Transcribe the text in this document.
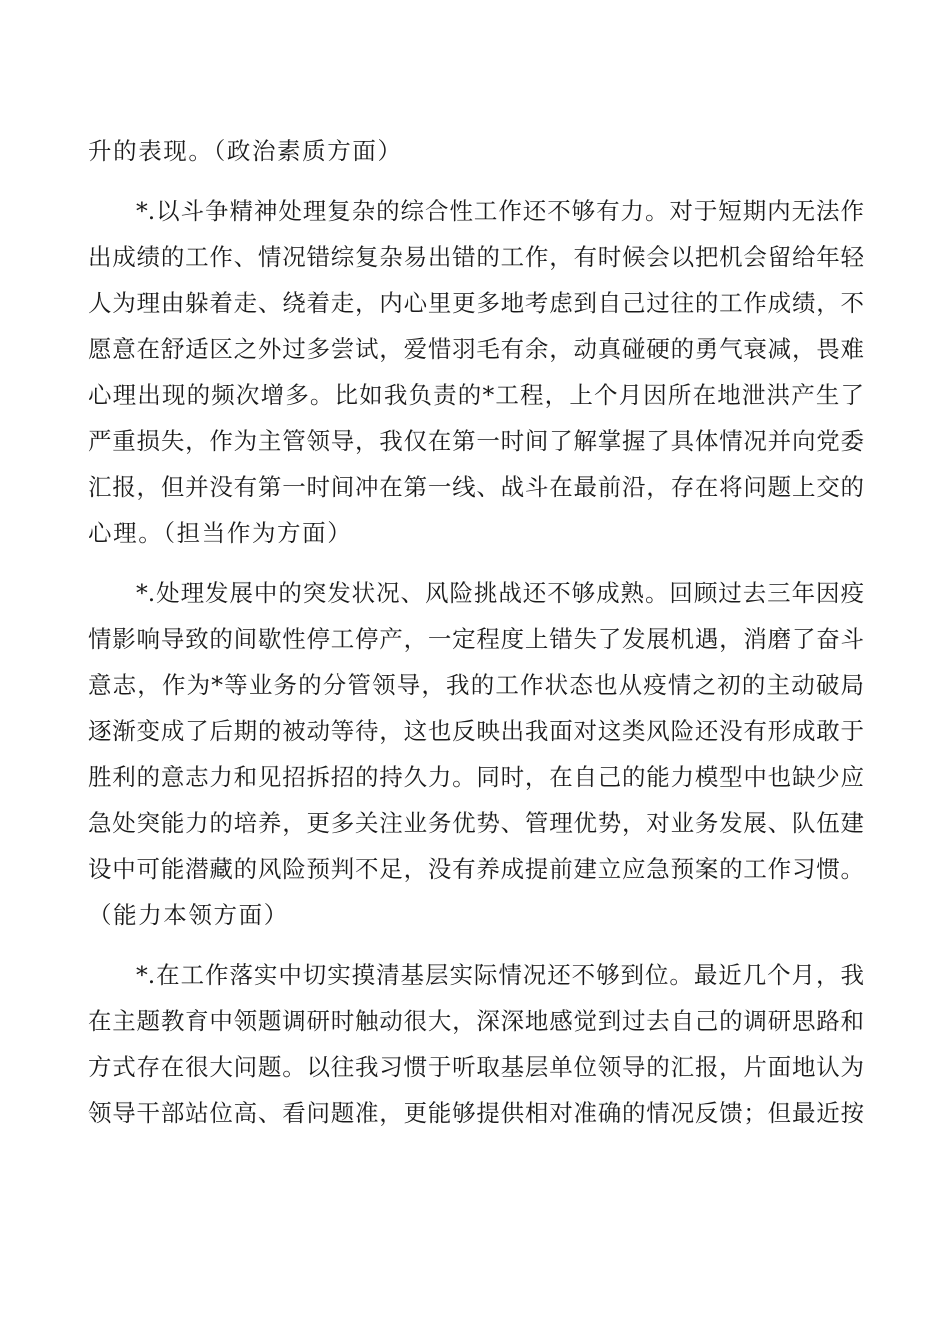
升的表现。（政治素质方面）
*.以斗争精神处理复杂的综合性工作还不够有力。对于短期内无法作
出成绩的工作、情况错综复杂易出错的工作，有时候会以把机会留给年轻
人为理由躲着走、绕着走，内心里更多地考虑到自己过往的工作成绩，不
愿意在舒适区之外过多尝试，爱惜羽毛有余，动真碰硬的勇气衰减，畏难
心理出现的频次增多。比如我负责的*工程，上个月因所在地泄洪产生了
严重损失，作为主管领导，我仅在第一时间了解掌握了具体情况并向党委
汇报，但并没有第一时间冲在第一线、战斗在最前沿，存在将问题上交的
心理。（担当作为方面）
*.处理发展中的突发状况、风险挑战还不够成熟。回顾过去三年因疫
情影响导致的间歇性停工停产，一定程度上错失了发展机遇，消磨了奋斗
意志，作为*等业务的分管领导，我的工作状态也从疫情之初的主动破局
逐渐变成了后期的被动等待，这也反映出我面对这类风险还没有形成敢于
胜利的意志力和见招拆招的持久力。同时，在自己的能力模型中也缺少应
急处突能力的培养，更多关注业务优势、管理优势，对业务发展、队伍建
设中可能潜藏的风险预判不足，没有养成提前建立应急预案的工作习惯。
（能力本领方面）
*.在工作落实中切实摸清基层实际情况还不够到位。最近几个月，我
在主题教育中领题调研时触动很大，深深地感觉到过去自己的调研思路和
方式存在很大问题。以往我习惯于听取基层单位领导的汇报，片面地认为
领导干部站位高、看问题准，更能够提供相对准确的情况反馈；但最近按
